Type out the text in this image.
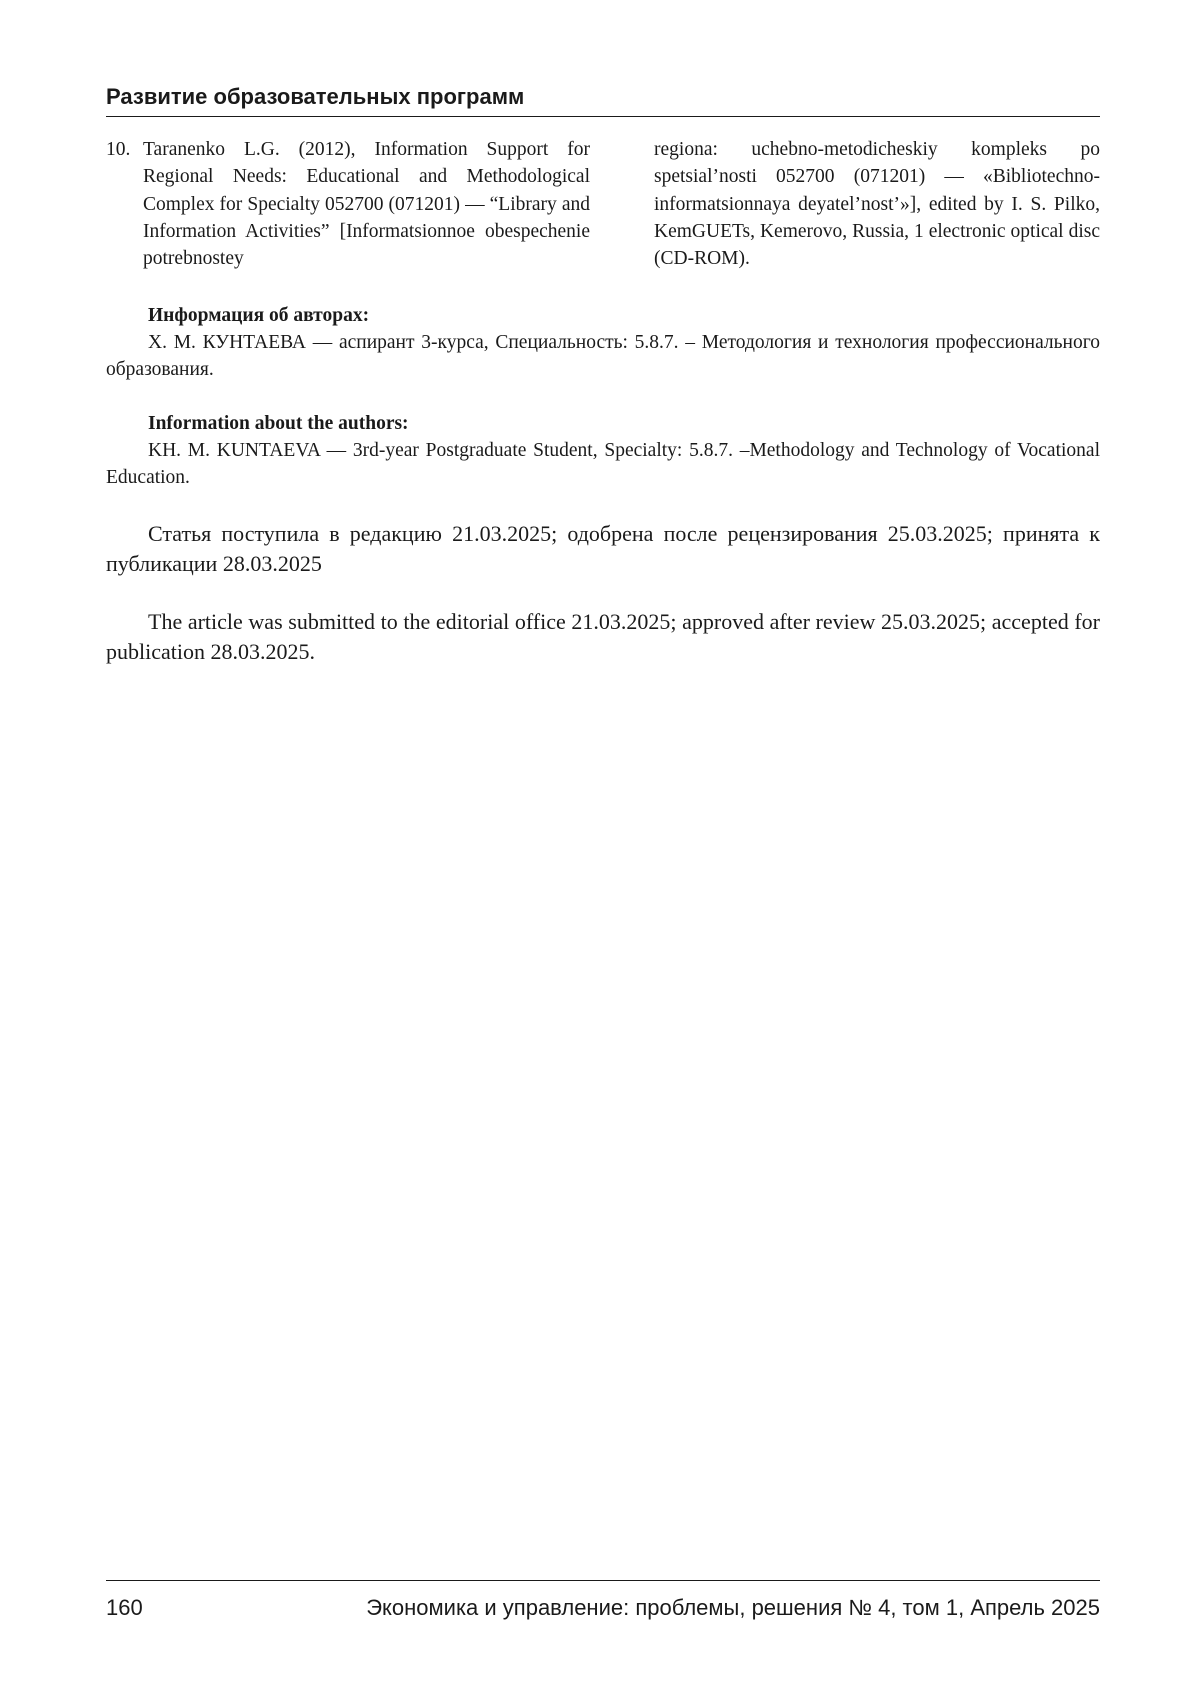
Развитие образовательных программ
10. Taranenko L.G. (2012), Information Support for Regional Needs: Educational and Methodological Complex for Specialty 052700 (071201) — “Library and Information Activities” [Informatsionnoe obespechenie potrebnostey
regiona: uchebno-metodicheskiy kompleks po spetsial’nosti 052700 (071201) — «Bibliotechno-informatsionnaya deyatel’nost’»], edited by I. S. Pilko, KemGUETs, Kemerovo, Russia, 1 electronic optical disc (CD-ROM).
Информация об авторах:
Х. М. КУНТАЕВА — аспирант 3-курса, Специальность: 5.8.7. – Методология и технология профессионального образования.
Information about the authors:
KH. M. KUNTAEVA — 3rd-year Postgraduate Student, Specialty: 5.8.7. –Methodology and Technology of Vocational Education.
Статья поступила в редакцию 21.03.2025; одобрена после рецензирования 25.03.2025; принята к публикации 28.03.2025
The article was submitted to the editorial office 21.03.2025; approved after review 25.03.2025; accepted for publication 28.03.2025.
160	Экономика и управление: проблемы, решения № 4, том 1, Апрель 2025
